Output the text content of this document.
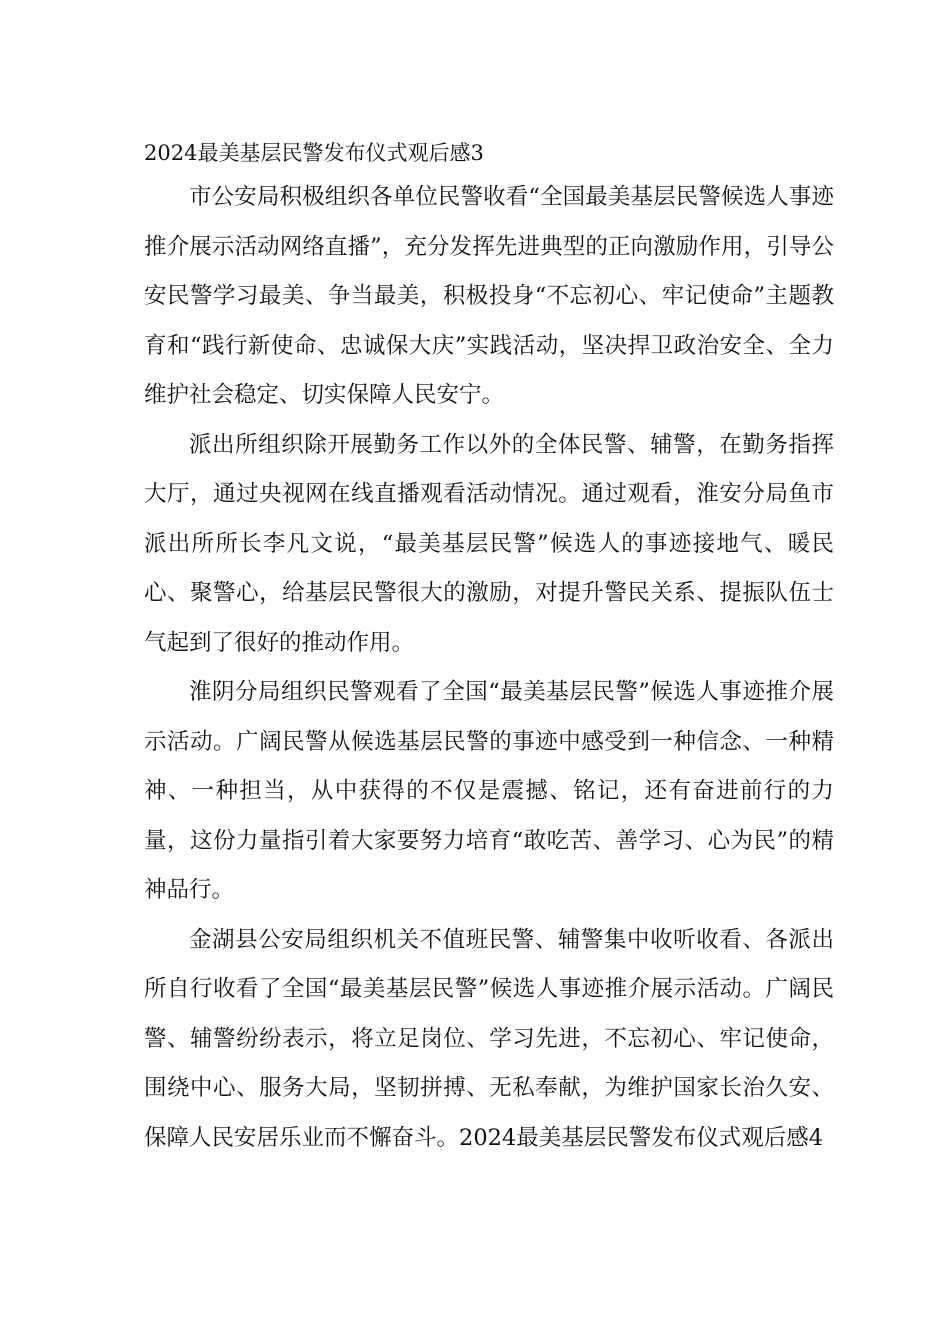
2024最美基层民警发布仪式观后感3

市公安局积极组织各单位民警收看“全国最美基层民警候选人事迹推介展示活动网络直播”，充分发挥先进典型的正向激励作用，引导公安民警学习最美、争当最美，积极投身“不忘初心、牢记使命”主题教育和“践行新使命、忠诚保大庆”实践活动，坚决捍卫政治安全、全力维护社会稳定、切实保障人民安宁。

派出所组织除开展勤务工作以外的全体民警、辅警，在勤务指挥大厅，通过央视网在线直播观看活动情况。通过观看，淮安分局鱼市派出所所长李凡文说，“最美基层民警”候选人的事迹接地气、暖民心、聚警心，给基层民警很大的激励，对提升警民关系、提振队伍士气起到了很好的推动作用。

淮阴分局组织民警观看了全国“最美基层民警”候选人事迹推介展示活动。广阔民警从候选基层民警的事迹中感受到一种信念、一种精神、一种担当，从中获得的不仅是震撼、铭记，还有奋进前行的力量，这份力量指引着大家要努力培育“敢吃苦、善学习、心为民”的精神品行。

金湖县公安局组织机关不值班民警、辅警集中收听收看、各派出所自行收看了全国“最美基层民警”候选人事迹推介展示活动。广阔民警、辅警纷纷表示，将立足岗位、学习先进，不忘初心、牢记使命，围绕中心、服务大局，坚韧拼搏、无私奉献，为维护国家长治久安、保障人民安居乐业而不懈奋斗。2024最美基层民警发布仪式观后感4
